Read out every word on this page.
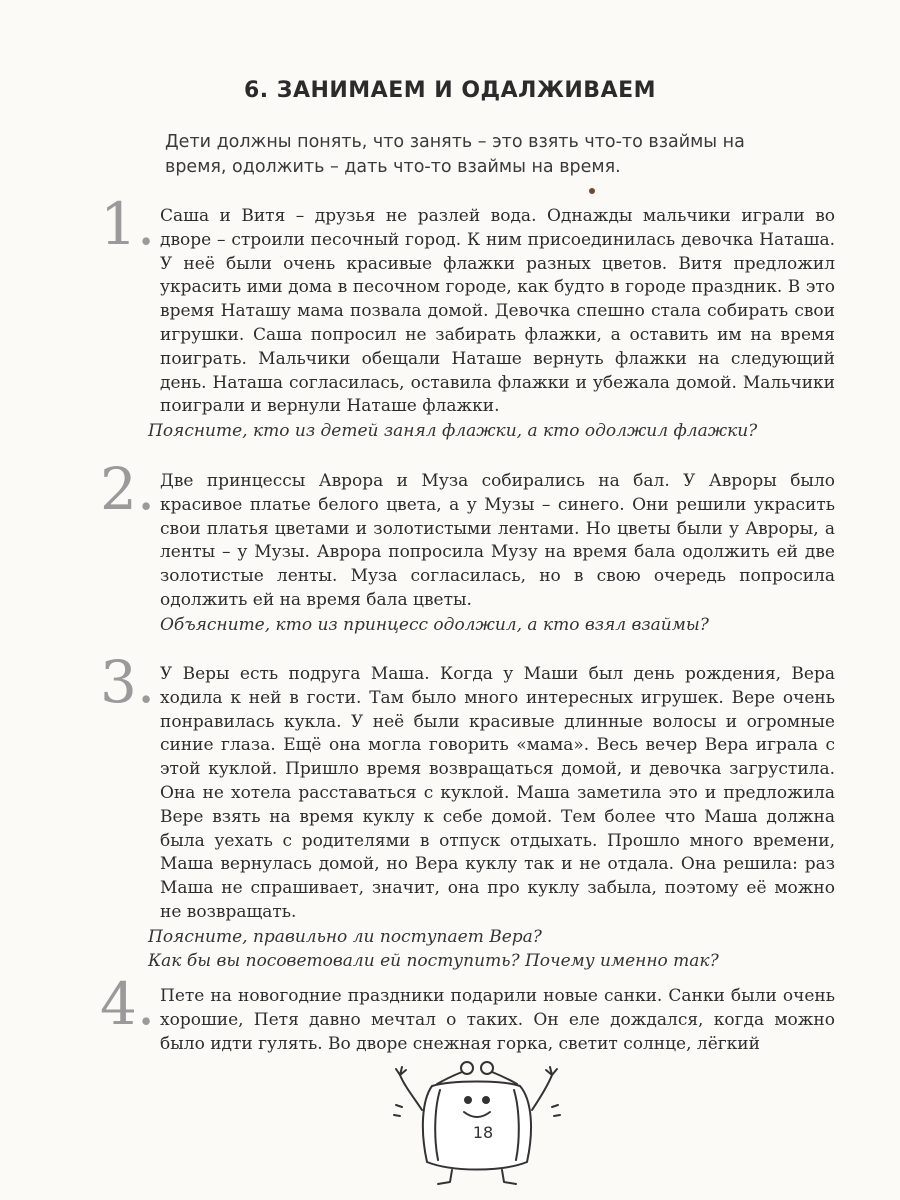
6. ЗАНИМАЕМ И ОДАЛЖИВАЕМ
Дети должны понять, что занять – это взять что-то взаймы на время, одолжить – дать что-то взаймы на время.
1. Саша и Витя – друзья не разлей вода. Однажды мальчики играли во дворе – строили песочный город. К ним присоединилась девочка Наташа. У неё были очень красивые флажки разных цветов. Витя предложил украсить ими дома в песочном городе, как будто в городе праздник. В это время Наташу мама позвала домой. Девочка спешно стала собирать свои игрушки. Саша попросил не забирать флажки, а оставить им на время поиграть. Мальчики обещали Наташе вернуть флажки на следующий день. Наташа согласилась, оставила флажки и убежала домой. Мальчики поиграли и вернули Наташе флажки.
Поясните, кто из детей занял флажки, а кто одолжил флажки?
2. Две принцессы Аврора и Муза собирались на бал. У Авроры было красивое платье белого цвета, а у Музы – синего. Они решили украсить свои платья цветами и золотистыми лентами. Но цветы были у Авроры, а ленты – у Музы. Аврора попросила Музу на время бала одолжить ей две золотистые ленты. Муза согласилась, но в свою очередь попросила одолжить ей на время бала цветы.
Объясните, кто из принцесс одолжил, а кто взял взаймы?
3. У Веры есть подруга Маша. Когда у Маши был день рождения, Вера ходила к ней в гости. Там было много интересных игрушек. Вере очень понравилась кукла. У неё были красивые длинные волосы и огромные синие глаза. Ещё она могла говорить «мама». Весь вечер Вера играла с этой куклой. Пришло время возвращаться домой, и девочка загрустила. Она не хотела расставаться с куклой. Маша заметила это и предложила Вере взять на время куклу к себе домой. Тем более что Маша должна была уехать с родителями в отпуск отдыхать. Прошло много времени, Маша вернулась домой, но Вера куклу так и не отдала. Она решила: раз Маша не спрашивает, значит, она про куклу забыла, поэтому её можно не возвращать.
Поясните, правильно ли поступает Вера?
Как бы вы посоветовали ей поступить? Почему именно так?
4. Пете на новогодние праздники подарили новые санки. Санки были очень хорошие, Петя давно мечтал о таких. Он еле дождался, когда можно было идти гулять. Во дворе снежная горка, светит солнце, лёгкий
18
